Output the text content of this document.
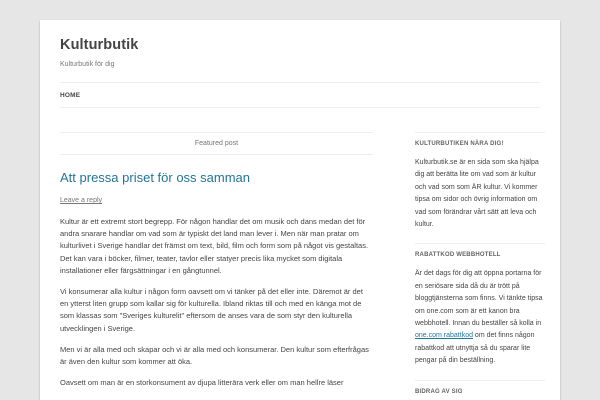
Kulturbutik
Kulturbutik för dig
HOME
Featured post
Att pressa priset för oss samman
Leave a reply

Kultur är ett extremt stort begrepp. För någon handlar det om musik och dans medan det för andra snarare handlar om vad som är typiskt det land man lever i. Men när man pratar om kulturlivet i Sverige handlar det främst om text, bild, film och form som på något vis gestaltas. Det kan vara i böcker, filmer, teater, tavlor eller statyer precis lika mycket som digitala installationer eller färgsättningar i en gångtunnel.

Vi konsumerar alla kultur i någon form oavsett om vi tänker på det eller inte. Däremot är det en ytterst liten grupp som kallar sig för kulturella. Ibland riktas till och med en känga mot de som klassas som "Sveriges kulturelit" eftersom de anses vara de som styr den kulturella utvecklingen i Sverige.

Men vi är alla med och skapar och vi är alla med och konsumerar. Den kultur som efterfrågas är även den kultur som kommer att öka.

Oavsett om man är en storkonsument av djupa litterära verk eller om man hellre läser

KULTURBUTIKEN NÄRA DIG!
Kulturbutik.se är en sida som ska hjälpa dig att berätta lite om vad som är kultur och vad som som ÄR kultur. Vi kommer tipsa om sidor och övrig information om vad som förändrar vårt sätt att leva och kultur.
RABATTKOD WEBBHOTELL
Är det dags för dig att öppna portarna för en seriösare sida då du är trött på bloggtjänsterna som finns. Vi tänkte tipsa om one.com som är ett kanon bra webbhotell. Innan du beställer så kolla in one.com rabattkod om det finns någon rabattkod att utnyttja så du sparar lite pengar på din beställning.
BIDRAG AV SIG
